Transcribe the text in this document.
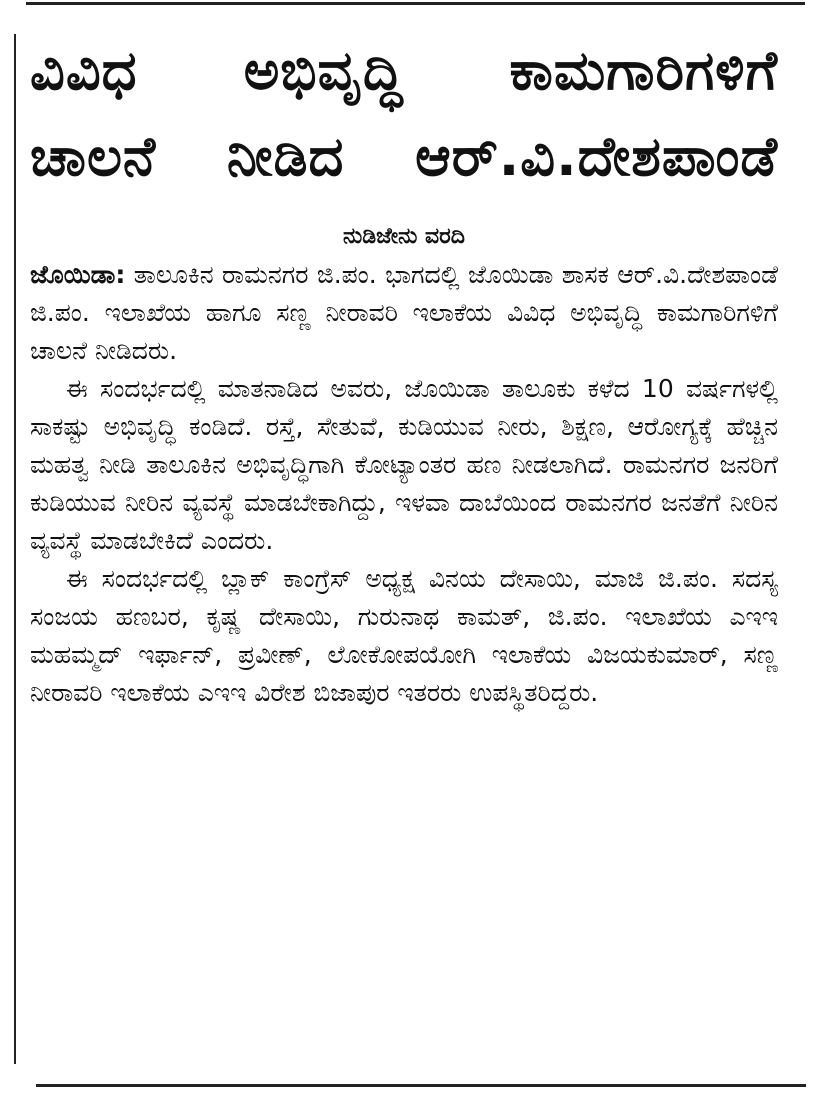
ವಿವಿಧ ಅಭಿವೃದ್ಧಿ ಕಾಮಗಾರಿಗಳಿಗೆ
ಚಾಲನೆ ನೀಡಿದ ಆರ್.ವಿ.ದೇಶಪಾಂಡೆ
ನುಡಿಜೇನು ವರದಿ

ಜೊಯಿಡಾ: ತಾಲೂಕಿನ ರಾಮನಗರ ಜಿ.ಪಂ. ಭಾಗದಲ್ಲಿ ಜೊಯಿಡಾ ಶಾಸಕ ಆರ್.ವಿ.ದೇಶಪಾಂಡೆ ಜಿ.ಪಂ. ಇಲಾಖೆಯ ಹಾಗೂ ಸಣ್ಣ ನೀರಾವರಿ ಇಲಾಕೆಯ ವಿವಿಧ ಅಭಿವೃದ್ಧಿ ಕಾಮಗಾರಿಗಳಿಗೆ ಚಾಲನೆ ನೀಡಿದರು.

ಈ ಸಂದರ್ಭದಲ್ಲಿ ಮಾತನಾಡಿದ ಅವರು, ಜೊಯಿಡಾ ತಾಲೂಕು ಕಳೆದ 10 ವರ್ಷಗಳಲ್ಲಿ ಸಾಕಷ್ಟು ಅಭಿವೃದ್ಧಿ ಕಂಡಿದೆ. ರಸ್ತೆ, ಸೇತುವೆ, ಕುಡಿಯುವ ನೀರು, ಶಿಕ್ಷಣ, ಆರೋಗ್ಯಕ್ಕೆ ಹೆಚ್ಚಿನ ಮಹತ್ವ ನೀಡಿ ತಾಲೂಕಿನ ಅಭಿವೃದ್ಧಿಗಾಗಿ ಕೋಟ್ಯಾಂತರ ಹಣ ನೀಡಲಾಗಿದೆ. ರಾಮನಗರ ಜನರಿಗೆ ಕುಡಿಯುವ ನೀರಿನ ವ್ಯವಸ್ಥೆ ಮಾಡಬೇಕಾಗಿದ್ದು, ಇಳವಾ ದಾಬೆಯಿಂದ ರಾಮನಗರ ಜನತೆಗೆ ನೀರಿನ ವ್ಯವಸ್ಥೆ ಮಾಡಬೇಕಿದೆ ಎಂದರು.

ಈ ಸಂದರ್ಭದಲ್ಲಿ ಬ್ಲಾಕ್ ಕಾಂಗ್ರೆಸ್ ಅಧ್ಯಕ್ಷ ವಿನಯ ದೇಸಾಯಿ, ಮಾಜಿ ಜಿ.ಪಂ. ಸದಸ್ಯ ಸಂಜಯ ಹಣಬರ, ಕೃಷ್ಣ ದೇಸಾಯಿ, ಗುರುನಾಥ ಕಾಮತ್, ಜಿ.ಪಂ. ಇಲಾಖೆಯ ಎಇಇ ಮಹಮ್ಮದ್ ಇರ್ಫಾನ್, ಪ್ರವೀಣ್, ಲೋಕೋಪಯೋಗಿ ಇಲಾಕೆಯ ವಿಜಯಕುಮಾರ್, ಸಣ್ಣ ನೀರಾವರಿ ಇಲಾಕೆಯ ಎಇಇ ವಿರೇಶ ಬಿಜಾಪುರ ಇತರರು ಉಪಸ್ಥಿತರಿದ್ದರು.
